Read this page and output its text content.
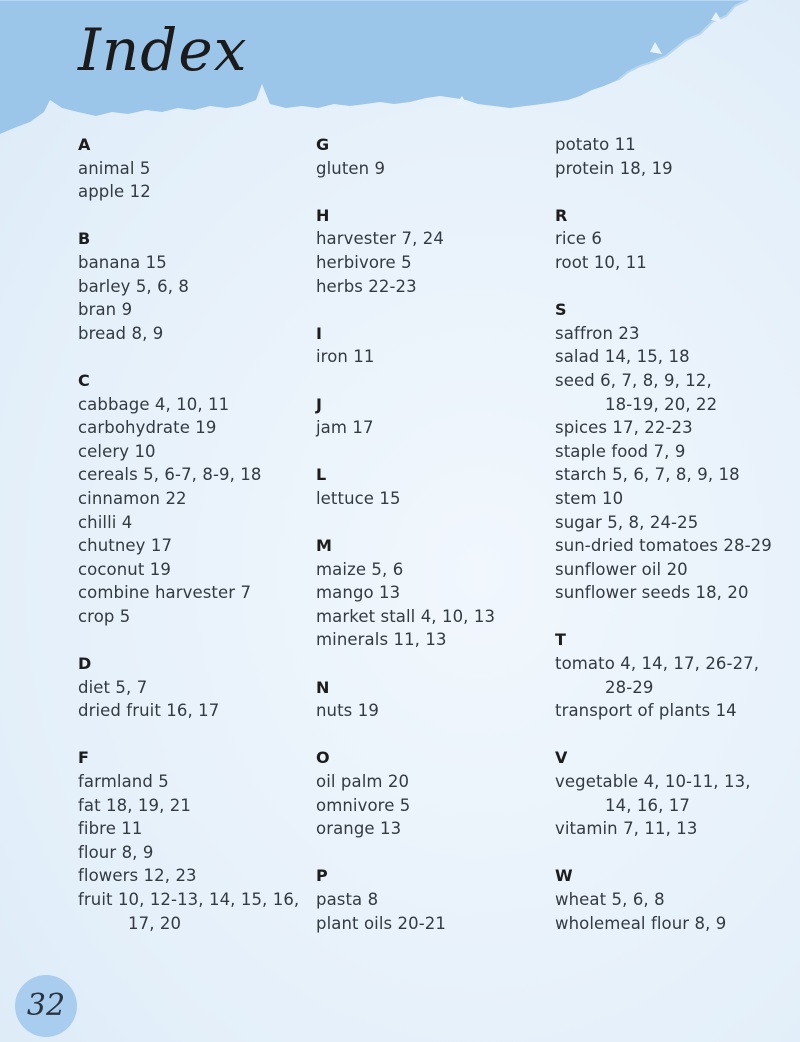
Index
A
animal 5
apple 12
B
banana 15
barley 5, 6, 8
bran 9
bread 8, 9
C
cabbage 4, 10, 11
carbohydrate 19
celery 10
cereals 5, 6-7, 8-9, 18
cinnamon 22
chilli 4
chutney 17
coconut 19
combine harvester 7
crop 5
D
diet 5, 7
dried fruit 16, 17
F
farmland 5
fat 18, 19, 21
fibre 11
flour 8, 9
flowers 12, 23
fruit 10, 12-13, 14, 15, 16,
17, 20
G
gluten 9
H
harvester 7, 24
herbivore 5
herbs 22-23
I
iron 11
J
jam 17
L
lettuce 15
M
maize 5, 6
mango 13
market stall 4, 10, 13
minerals 11, 13
N
nuts 19
O
oil palm 20
omnivore 5
orange 13
P
pasta 8
plant oils 20-21
potato 11
protein 18, 19
R
rice 6
root 10, 11
S
saffron 23
salad 14, 15, 18
seed 6, 7, 8, 9, 12,
18-19, 20, 22
spices 17, 22-23
staple food 7, 9
starch 5, 6, 7, 8, 9, 18
stem 10
sugar 5, 8, 24-25
sun-dried tomatoes 28-29
sunflower oil 20
sunflower seeds 18, 20
T
tomato 4, 14, 17, 26-27,
28-29
transport of plants 14
V
vegetable 4, 10-11, 13,
14, 16, 17
vitamin 7, 11, 13
W
wheat 5, 6, 8
wholemeal flour 8, 9
32
